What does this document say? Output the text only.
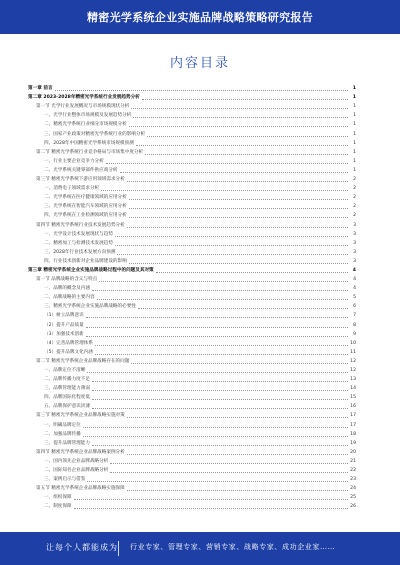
精密光学系统企业实施品牌战略策略研究报告
内容目录
第一章 前言	1
第二章 2023-2028年精密光学系统行业发展趋势分析	1
第一节 光学行业发展概况与市场规模现状分析	1
一、光学行业整体市场规模及发展趋势分析	1
二、精密光学系统行业细分市场规模分析	1
三、国家产业政策对精密光学系统行业的影响分析	1
四、2028年中国精密光学系统市场规模预测	1
第二节 精密光学系统行业竞争格局与市场集中度分析	1
一、行业主要企业竞争力分析	1
二、光学系统关键零部件供应商分析	1
第三节 精密光学系统下游应用领域需求分析	2
一、消费电子领域需求分析	2
二、光学系统在医疗健康领域的应用分析	2
三、光学系统在智能汽车领域的应用分析	2
四、光学系统在工业检测领域的应用分析	2
第四节 精密光学系统行业技术发展趋势分析	3
一、光学设计技术发展现状与趋势	3
二、精密加工与检测技术发展趋势	3
三、2028年行业技术发展方向预测	3
四、行业技术创新对企业品牌建设的影响	3
第三章 精密光学系统企业实施品牌战略过程中的问题及其对策	4
第一节 品牌战略的含义与特点	4
一、品牌的概念及内涵	4
二、品牌战略的主要内容	5
三、精密光学系统企业实施品牌战略的必要性	6
（1）树立品牌意识	7
（2）提升产品质量	8
（3）加强技术创新	9
（4）完善品牌管理体系	10
（5）提升品牌文化内涵	11
第二节 精密光学系统企业品牌战略存在的问题	12
一、品牌定位不清晰	12
二、品牌传播力度不足	13
三、品牌管理能力薄弱	14
四、品牌国际化程度低	15
五、品牌保护意识淡薄	16
第三节 精密光学系统企业品牌战略实施对策	17
一、明确品牌定位	17
二、加强品牌传播	18
三、提升品牌管理能力	19
第四节 精密光学系统企业品牌战略案例分析	20
一、国内领先企业品牌战略分析	21
二、国际知名企业品牌战略分析	22
三、案例启示与借鉴	23
第五节 精密光学系统企业品牌战略实施保障	24
一、组织保障	25
二、制度保障	26
让每个人都能成为 行业专家、管理专家、营销专家、战略专家、成功企业家……
